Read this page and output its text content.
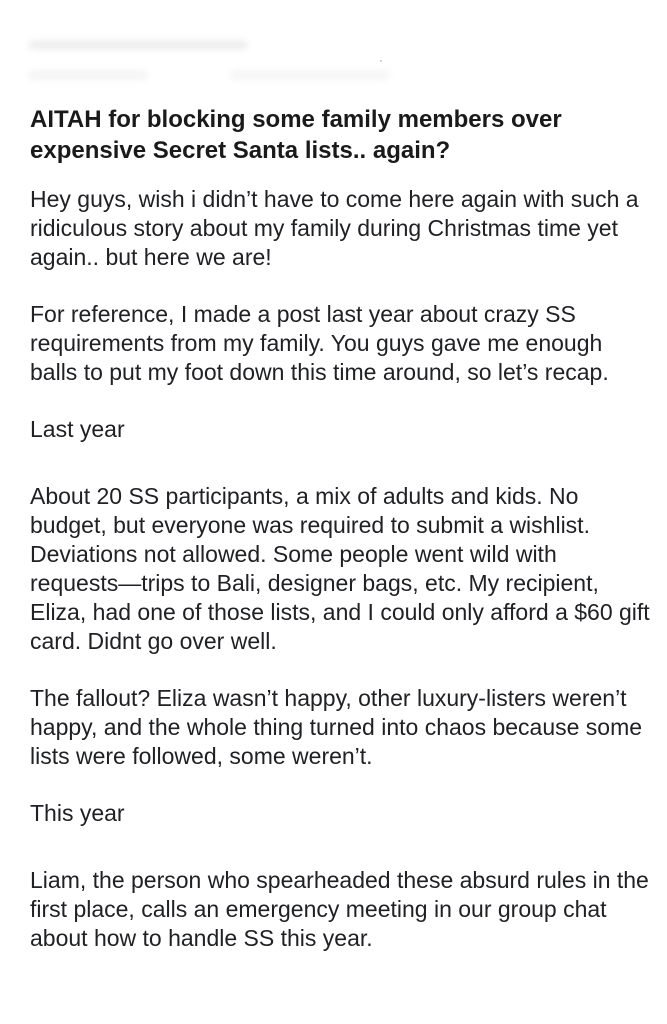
AITAH for blocking some family members over expensive Secret Santa lists.. again?

Hey guys, wish i didn’t have to come here again with such a ridiculous story about my family during Christmas time yet again.. but here we are!

For reference, I made a post last year about crazy SS requirements from my family. You guys gave me enough balls to put my foot down this time around, so let’s recap.

Last year

About 20 SS participants, a mix of adults and kids. No budget, but everyone was required to submit a wishlist. Deviations not allowed. Some people went wild with requests—trips to Bali, designer bags, etc. My recipient, Eliza, had one of those lists, and I could only afford a $60 gift card. Didnt go over well.

The fallout? Eliza wasn’t happy, other luxury-listers weren’t happy, and the whole thing turned into chaos because some lists were followed, some weren’t.

This year

Liam, the person who spearheaded these absurd rules in the first place, calls an emergency meeting in our group chat about how to handle SS this year.
